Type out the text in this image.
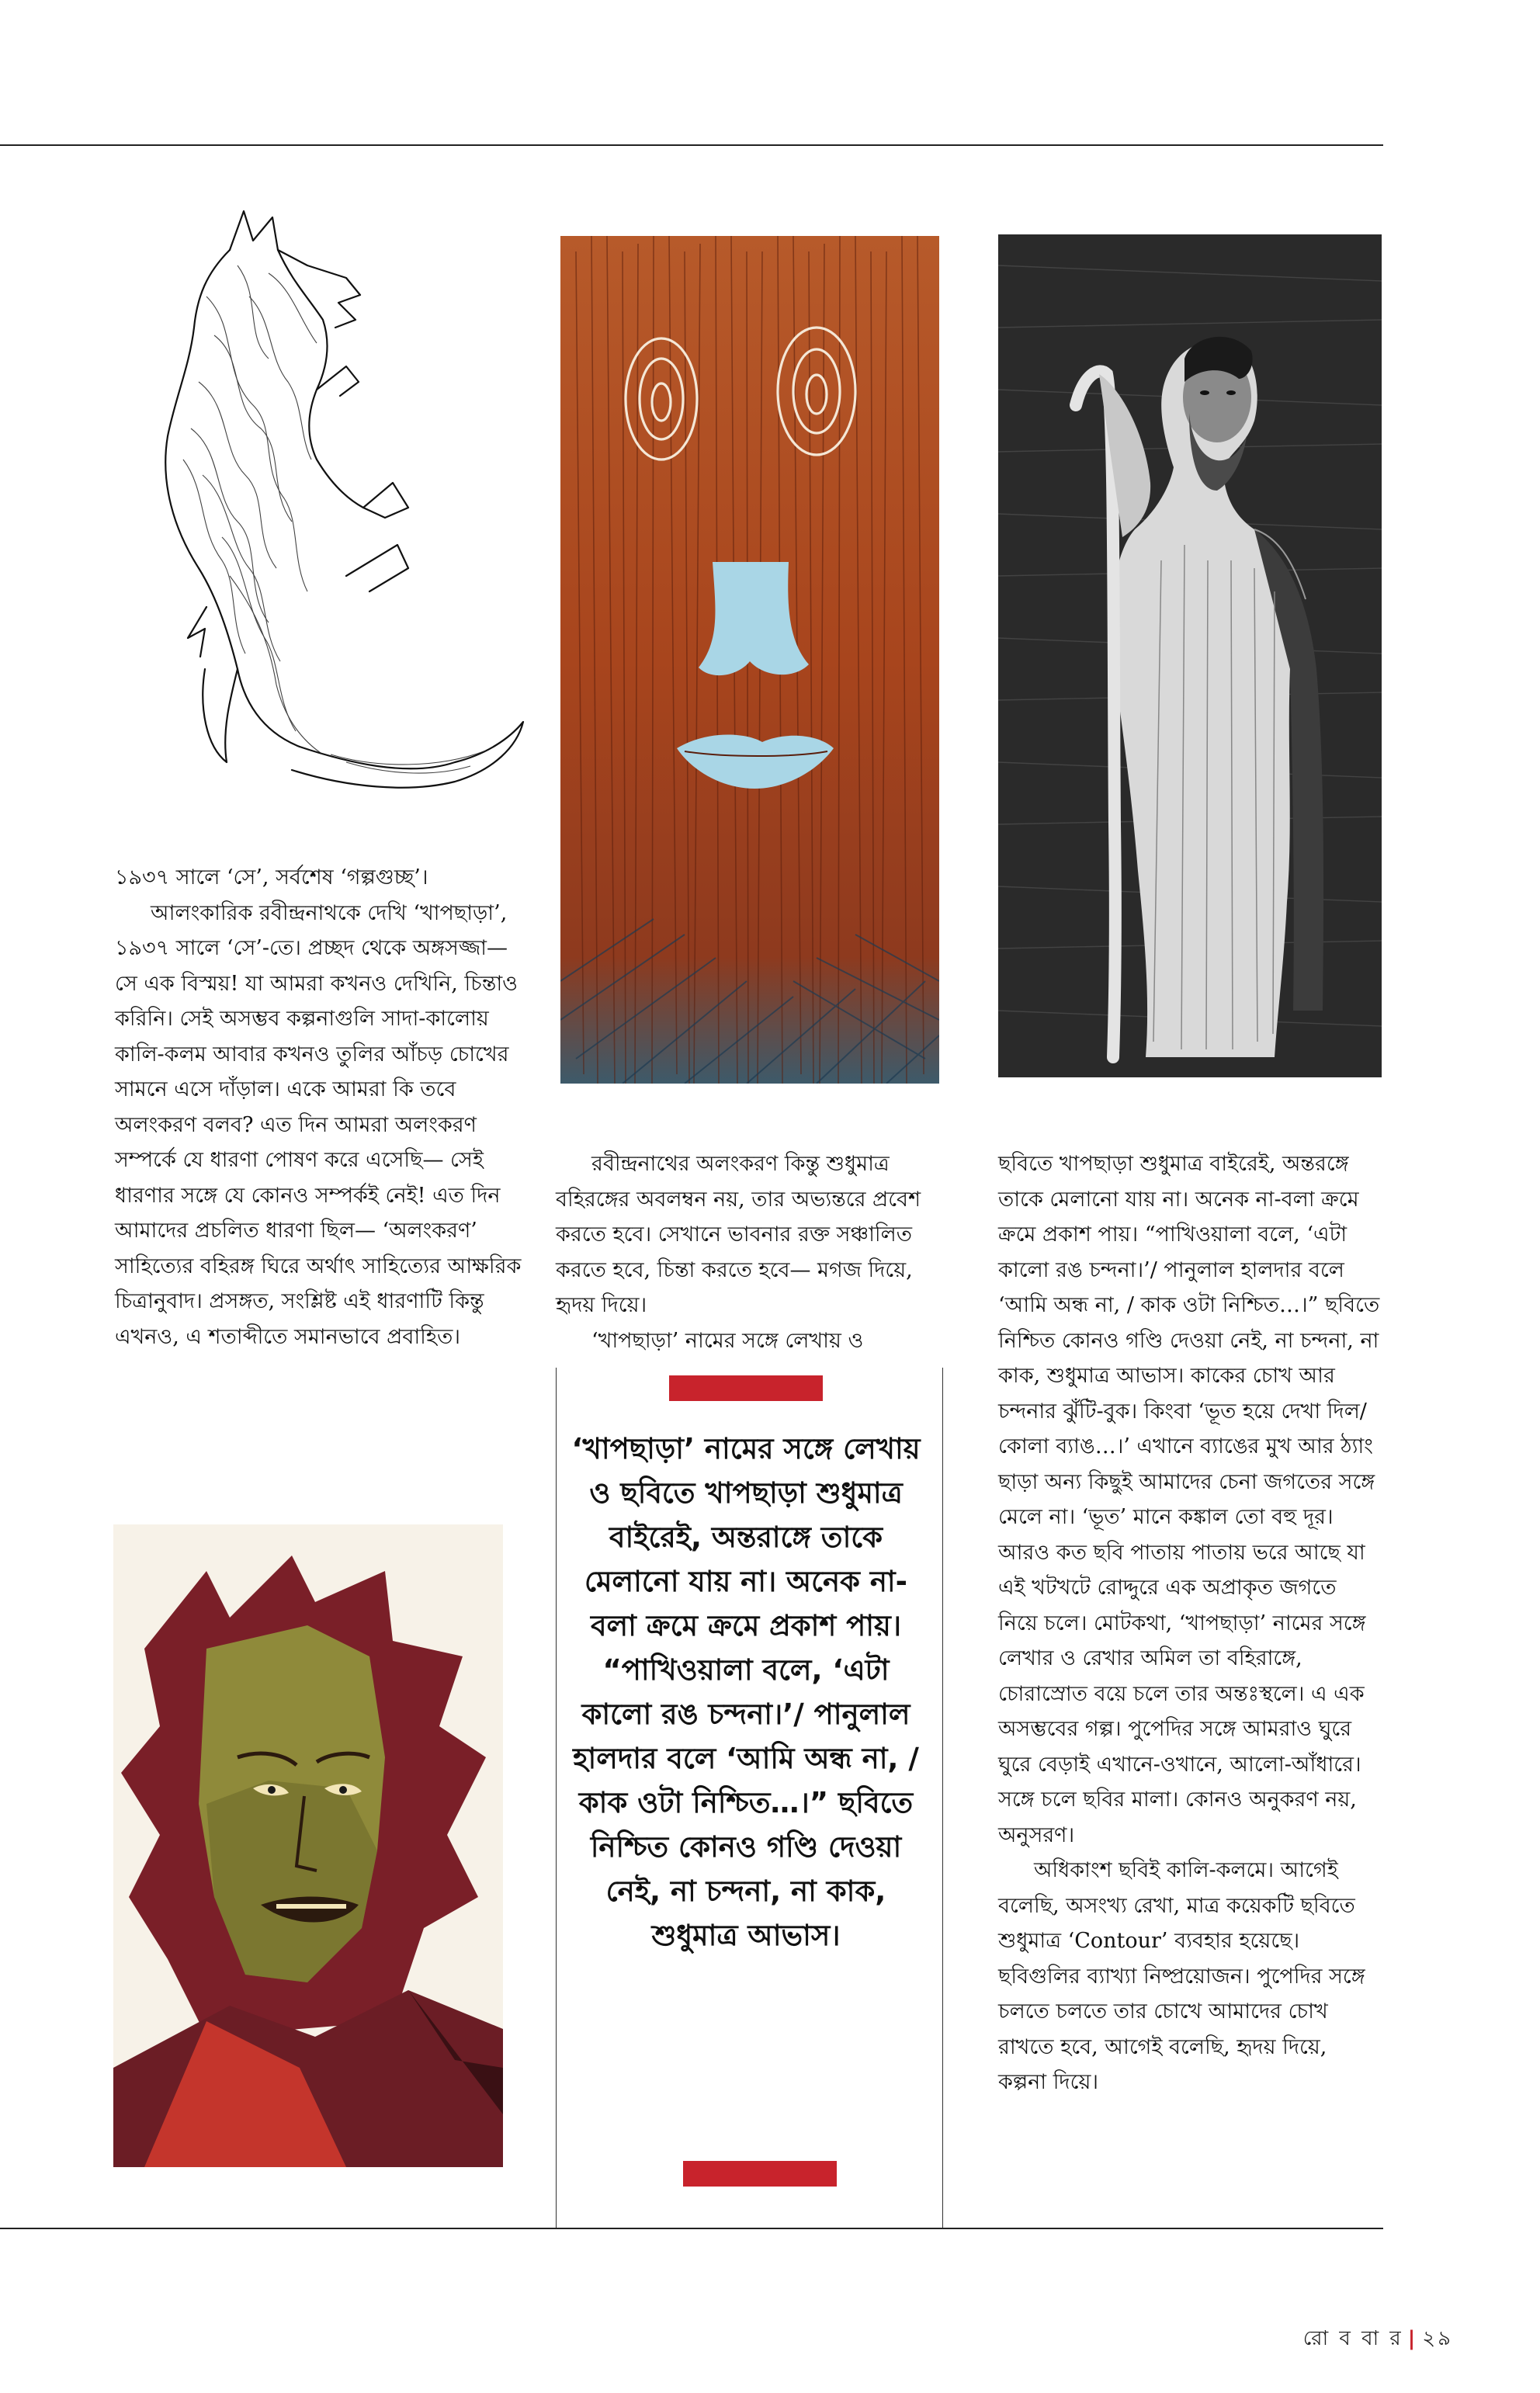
১৯৩৭ সালে ‘সে’, সর্বশেষ ‘গল্পগুচ্ছ’।

আলংকারিক রবীন্দ্রনাথকে দেখি ‘খাপছাড়া’, ১৯৩৭ সালে ‘সে’-তে। প্রচ্ছদ থেকে অঙ্গসজ্জা— সে এক বিস্ময়! যা আমরা কখনও দেখিনি, চিন্তাও করিনি। সেই অসম্ভব কল্পনাগুলি সাদা-কালোয় কালি-কলম আবার কখনও তুলির আঁচড় চোখের সামনে এসে দাঁড়াল। একে আমরা কি তবে অলংকরণ বলব? এত দিন আমরা অলংকরণ সম্পর্কে যে ধারণা পোষণ করে এসেছি— সেই ধারণার সঙ্গে যে কোনও সম্পর্কই নেই! এত দিন আমাদের প্রচলিত ধারণা ছিল— ‘অলংকরণ’ সাহিত্যের বহিরঙ্গ ঘিরে অর্থাৎ সাহিত্যের আক্ষরিক চিত্রানুবাদ। প্রসঙ্গত, সংশ্লিষ্ট এই ধারণাটি কিন্তু এখনও, এ শতাব্দীতে সমানভাবে প্রবাহিত।

রবীন্দ্রনাথের অলংকরণ কিন্তু শুধুমাত্র বহিরঙ্গের অবলম্বন নয়, তার অভ্যন্তরে প্রবেশ করতে হবে। সেখানে ভাবনার রক্ত সঞ্চালিত করতে হবে, চিন্তা করতে হবে— মগজ দিয়ে, হৃদয় দিয়ে।

‘খাপছাড়া’ নামের সঙ্গে লেখায় ও

‘খাপছাড়া’ নামের সঙ্গে লেখায় ও ছবিতে খাপছাড়া শুধুমাত্র বাইরেই, অন্তরাঙ্গে তাকে মেলানো যায় না। অনেক না-বলা ক্রমে ক্রমে প্রকাশ পায়। “পাখিওয়ালা বলে, ‘এটা কালো রঙ চন্দনা।’/ পানুলাল হালদার বলে ‘আমি অন্ধ না, / কাক ওটা নিশ্চিত…।” ছবিতে নিশ্চিত কোনও গণ্ডি দেওয়া নেই, না চন্দনা, না কাক, শুধুমাত্র আভাস।

ছবিতে খাপছাড়া শুধুমাত্র বাইরেই, অন্তরঙ্গে তাকে মেলানো যায় না। অনেক না-বলা ক্রমে ক্রমে প্রকাশ পায়। “পাখিওয়ালা বলে, ‘এটা কালো রঙ চন্দনা।’/ পানুলাল হালদার বলে ‘আমি অন্ধ না, / কাক ওটা নিশ্চিত…।” ছবিতে নিশ্চিত কোনও গণ্ডি দেওয়া নেই, না চন্দনা, না কাক, শুধুমাত্র আভাস। কাকের চোখ আর চন্দনার ঝুঁটি-বুক। কিংবা ‘ভূত হয়ে দেখা দিল/ কোলা ব্যাঙ…।’ এখানে ব্যাঙের মুখ আর ঠ্যাং ছাড়া অন্য কিছুই আমাদের চেনা জগতের সঙ্গে মেলে না। ‘ভূত’ মানে কঙ্কাল তো বহু দূর। আরও কত ছবি পাতায় পাতায় ভরে আছে যা এই খটখটে রোদ্দুরে এক অপ্রাকৃত জগতে নিয়ে চলে। মোটকথা, ‘খাপছাড়া’ নামের সঙ্গে লেখার ও রেখার অমিল তা বহিরাঙ্গে, চোরাস্রোত বয়ে চলে তার অন্তঃস্থলে। এ এক অসম্ভবের গল্প। পুপেদির সঙ্গে আমরাও ঘুরে ঘুরে বেড়াই এখানে-ওখানে, আলো-আঁধারে। সঙ্গে চলে ছবির মালা। কোনও অনুকরণ নয়, অনুসরণ।

অধিকাংশ ছবিই কালি-কলমে। আগেই বলেছি, অসংখ্য রেখা, মাত্র কয়েকটি ছবিতে শুধুমাত্র ‘Contour’ ব্যবহার হয়েছে। ছবিগুলির ব্যাখ্যা নিষ্প্রয়োজন। পুপেদির সঙ্গে চলতে চলতে তার চোখে আমাদের চোখ রাখতে হবে, আগেই বলেছি, হৃদয় দিয়ে, কল্পনা দিয়ে।

রো ব বা র | ২৯
